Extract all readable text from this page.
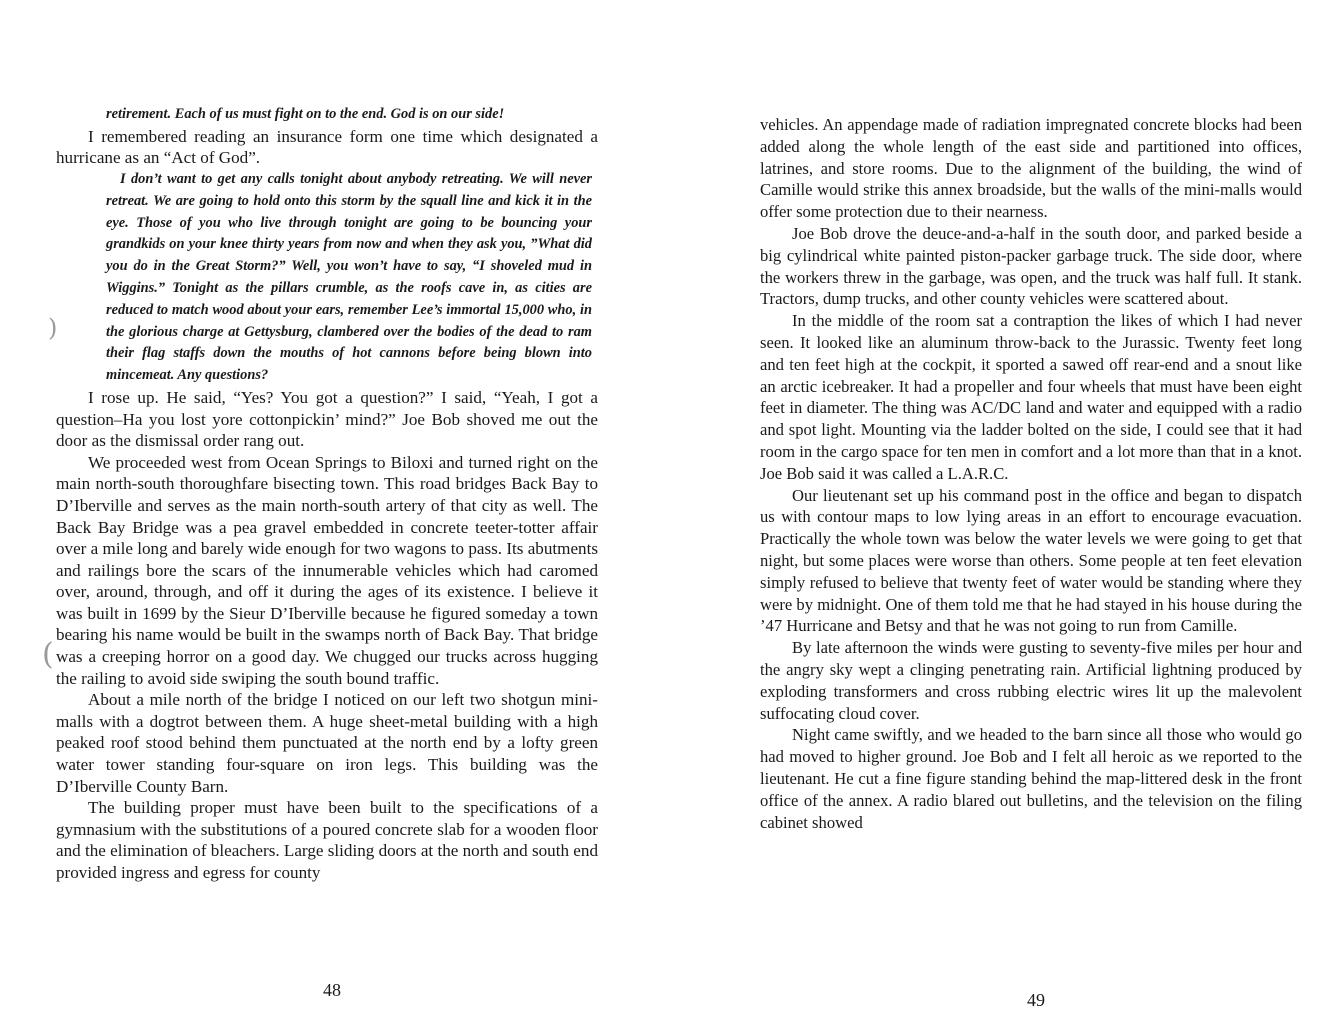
retirement. Each of us must fight on to the end. God is on our side!

I remembered reading an insurance form one time which designated a hurricane as an “Act of God”.

I don’t want to get any calls tonight about anybody retreating. We will never retreat. We are going to hold onto this storm by the squall line and kick it in the eye. Those of you who live through tonight are going to be bouncing your grandkids on your knee thirty years from now and when they ask you, ”What did you do in the Great Storm?” Well, you won’t have to say, “I shoveled mud in Wiggins.” Tonight as the pillars crumble, as the roofs cave in, as cities are reduced to match wood about your ears, remember Lee’s immortal 15,000 who, in the glorious charge at Gettysburg, clambered over the bodies of the dead to ram their flag staffs down the mouths of hot cannons before being blown into mincemeat. Any questions?

I rose up. He said, “Yes? You got a question?” I said, “Yeah, I got a question–Ha you lost yore cottonpickin’ mind?” Joe Bob shoved me out the door as the dismissal order rang out.

We proceeded west from Ocean Springs to Biloxi and turned right on the main north-south thoroughfare bisecting town. This road bridges Back Bay to D’Iberville and serves as the main north-south artery of that city as well. The Back Bay Bridge was a pea gravel embedded in concrete teeter-totter affair over a mile long and barely wide enough for two wagons to pass. Its abutments and railings bore the scars of the innumerable vehicles which had caromed over, around, through, and off it during the ages of its existence. I believe it was built in 1699 by the Sieur D’Iberville because he figured someday a town bearing his name would be built in the swamps north of Back Bay. That bridge was a creeping horror on a good day. We chugged our trucks across hugging the railing to avoid side swiping the south bound traffic.

About a mile north of the bridge I noticed on our left two shotgun mini-malls with a dogtrot between them. A huge sheet-metal building with a high peaked roof stood behind them punctuated at the north end by a lofty green water tower standing four-square on iron legs. This building was the D’Iberville County Barn.

The building proper must have been built to the specifications of a gymnasium with the substitutions of a poured concrete slab for a wooden floor and the elimination of bleachers. Large sliding doors at the north and south end provided ingress and egress for county

)
(
48

vehicles. An appendage made of radiation impregnated concrete blocks had been added along the whole length of the east side and partitioned into offices, latrines, and store rooms. Due to the alignment of the building, the wind of Camille would strike this annex broadside, but the walls of the mini-malls would offer some protection due to their nearness.

Joe Bob drove the deuce-and-a-half in the south door, and parked beside a big cylindrical white painted piston-packer garbage truck. The side door, where the workers threw in the garbage, was open, and the truck was half full. It stank. Tractors, dump trucks, and other county vehicles were scattered about.

In the middle of the room sat a contraption the likes of which I had never seen. It looked like an aluminum throw-back to the Jurassic. Twenty feet long and ten feet high at the cockpit, it sported a sawed off rear-end and a snout like an arctic icebreaker. It had a propeller and four wheels that must have been eight feet in diameter. The thing was AC/DC land and water and equipped with a radio and spot light. Mounting via the ladder bolted on the side, I could see that it had room in the cargo space for ten men in comfort and a lot more than that in a knot. Joe Bob said it was called a L.A.R.C.

Our lieutenant set up his command post in the office and began to dispatch us with contour maps to low lying areas in an effort to encourage evacuation. Practically the whole town was below the water levels we were going to get that night, but some places were worse than others. Some people at ten feet elevation simply refused to believe that twenty feet of water would be standing where they were by midnight. One of them told me that he had stayed in his house during the ’47 Hurricane and Betsy and that he was not going to run from Camille.

By late afternoon the winds were gusting to seventy-five miles per hour and the angry sky wept a clinging penetrating rain. Artificial lightning produced by exploding transformers and cross rubbing electric wires lit up the malevolent suffocating cloud cover.

Night came swiftly, and we headed to the barn since all those who would go had moved to higher ground. Joe Bob and I felt all heroic as we reported to the lieutenant. He cut a fine figure standing behind the map-littered desk in the front office of the annex. A radio blared out bulletins, and the television on the filing cabinet showed

49
